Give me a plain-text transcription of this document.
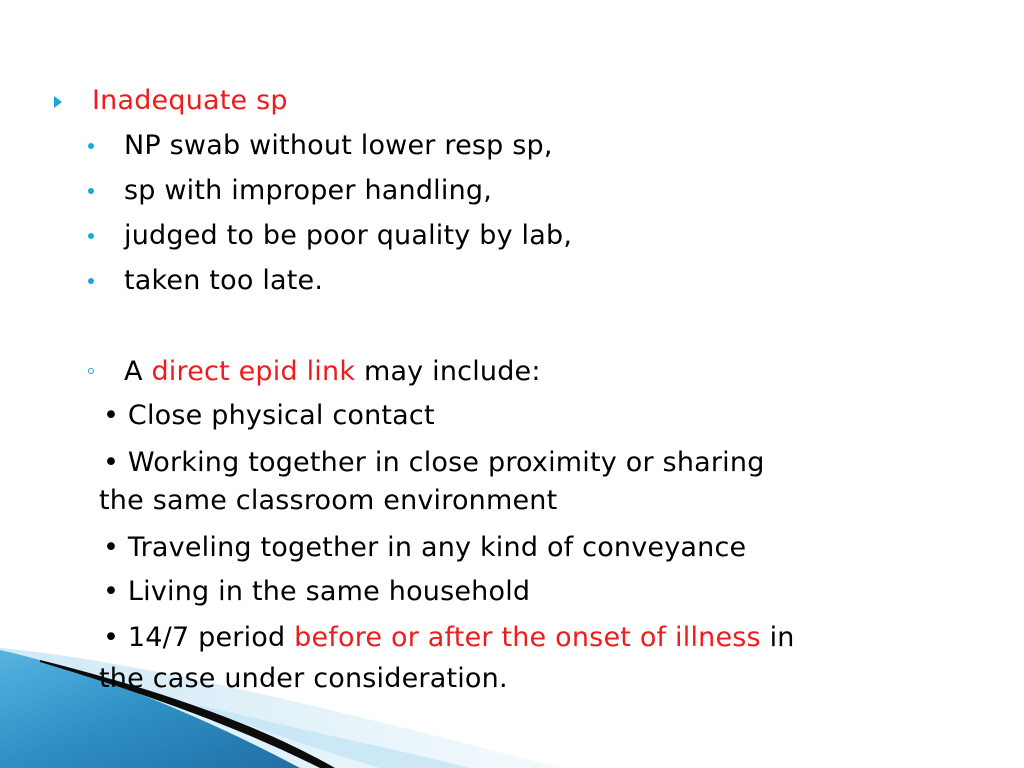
Inadequate sp
NP swab without lower resp sp,
sp with improper handling,
judged to be poor quality by lab,
taken too late.
A direct epid link may include:
• Close physical contact
• Working together in close proximity or sharing
the same classroom environment
• Traveling together in any kind of conveyance
• Living in the same household
• 14/7 period before or after the onset of illness in
the case under consideration.
